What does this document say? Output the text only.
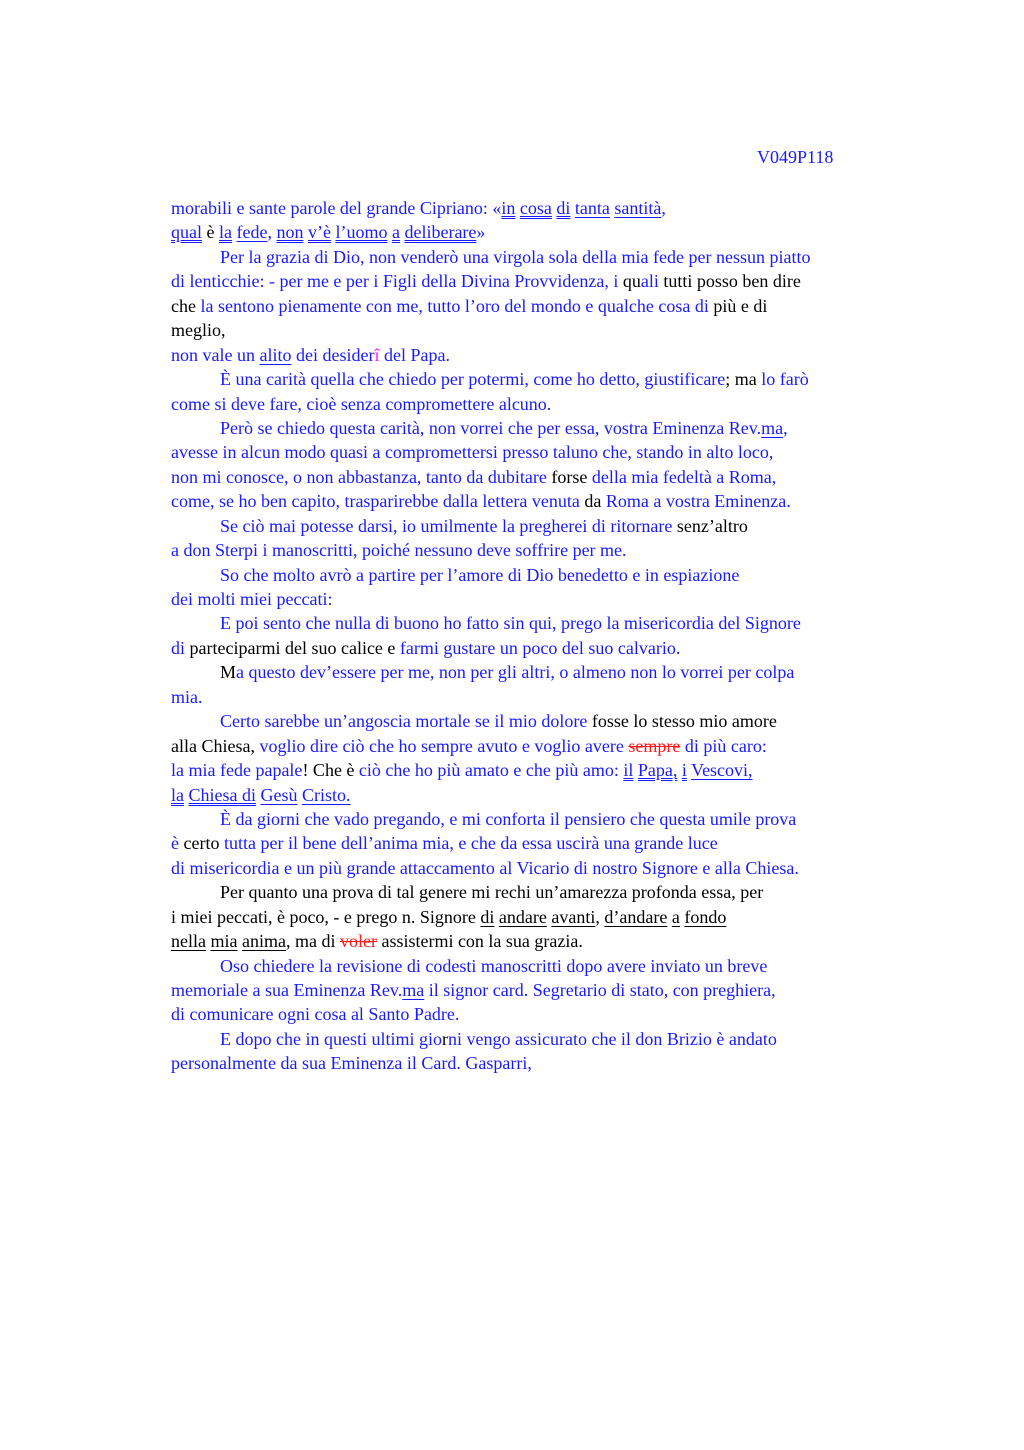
V049P118
morabili e sante parole del grande Cipriano: «in cosa di tanta santità,
qual è la fede, non v’è l’uomo a deliberare»
Per la grazia di Dio, non venderò una virgola sola della mia fede per nessun piatto
di lenticchie: - per me e per i Figli della Divina Provvidenza, i quali tutti posso ben dire
che la sentono pienamente con me, tutto l’oro del mondo e qualche cosa di più e di
meglio,
non vale un alito dei desiderî del Papa.
È una carità quella che chiedo per potermi, come ho detto, giustificare; ma lo farò
come si deve fare, cioè senza compromettere alcuno.
Però se chiedo questa carità, non vorrei che per essa, vostra Eminenza Rev.ma,
avesse in alcun modo quasi a compromettersi presso taluno che, stando in alto loco,
non mi conosce, o non abbastanza, tanto da dubitare forse della mia fedeltà a Roma,
come, se ho ben capito, trasparirebbe dalla lettera venuta da Roma a vostra Eminenza.
Se ciò mai potesse darsi, io umilmente la pregherei di ritornare senz’altro
a don Sterpi i manoscritti, poiché nessuno deve soffrire per me.
So che molto avrò a partire per l’amore di Dio benedetto e in espiazione
dei molti miei peccati:
E poi sento che nulla di buono ho fatto sin qui, prego la misericordia del Signore
di parteciparmi del suo calice e farmi gustare un poco del suo calvario.
Ma questo dev’essere per me, non per gli altri, o almeno non lo vorrei per colpa
mia.
Certo sarebbe un’angoscia mortale se il mio dolore fosse lo stesso mio amore
alla Chiesa, voglio dire ciò che ho sempre avuto e voglio avere sempre di più caro:
la mia fede papale! Che è ciò che ho più amato e che più amo: il Papa, i Vescovi,
la Chiesa di Gesù Cristo.
È da giorni che vado pregando, e mi conforta il pensiero che questa umile prova
è certo tutta per il bene dell’anima mia, e che da essa uscirà una grande luce
di misericordia e un più grande attaccamento al Vicario di nostro Signore e alla Chiesa.
Per quanto una prova di tal genere mi rechi un’amarezza profonda essa, per
i miei peccati, è poco, - e prego n. Signore di andare avanti, d’andare a fondo
nella mia anima, ma di voler assistermi con la sua grazia.
Oso chiedere la revisione di codesti manoscritti dopo avere inviato un breve
memoriale a sua Eminenza Rev.ma il signor card. Segretario di stato, con preghiera,
di comunicare ogni cosa al Santo Padre.
E dopo che in questi ultimi giorni vengo assicurato che il don Brizio è andato
personalmente da sua Eminenza il Card. Gasparri,
